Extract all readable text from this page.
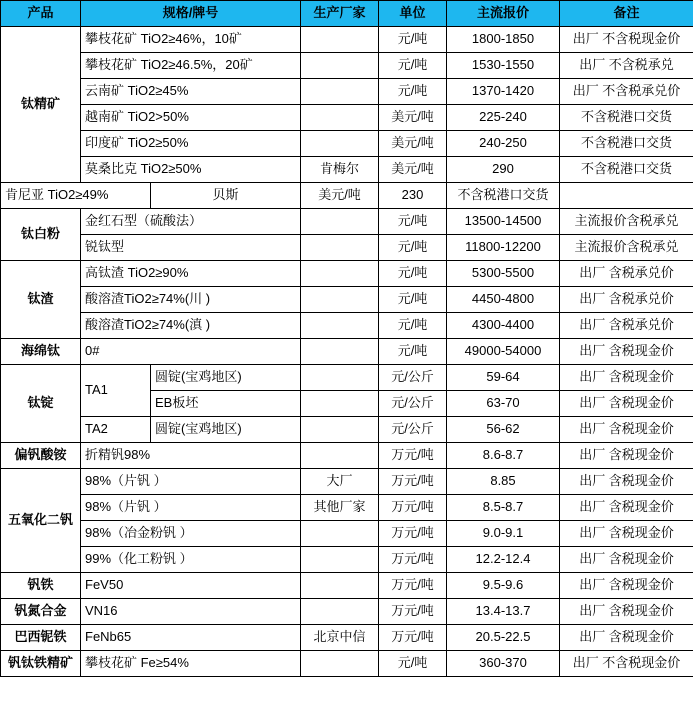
产品	规格/牌号		生产厂家	单位	主流报价	备注
钛精矿	攀枝花矿 TiO2≥46%，10矿			元/吨	1800-1850	出厂 不含税现金价
	攀枝花矿 TiO2≥46.5%，20矿			元/吨	1530-1550	出厂 不含税承兑
	云南矿 TiO2≥45%			元/吨	1370-1420	出厂 不含税承兑价
	越南矿 TiO2>50%			美元/吨	225-240	不含税港口交货
	印度矿 TiO2≥50%			美元/吨	240-250	不含税港口交货
	莫桑比克 TiO2≥50%		肯梅尔	美元/吨	290	不含税港口交货
肯尼亚 TiO2≥49%		贝斯	美元/吨	230	不含税港口交货	
钛白粉	金红石型（硫酸法）			元/吨	13500-14500	主流报价含税承兑
	锐钛型			元/吨	11800-12200	主流报价含税承兑
钛渣	高钛渣 TiO2≥90%			元/吨	5300-5500	出厂 含税承兑价
	酸溶渣TiO2≥74%(川 )			元/吨	4450-4800	出厂 含税承兑价
	酸溶渣TiO2≥74%(滇 )			元/吨	4300-4400	出厂 含税承兑价
海绵钛	0#			元/吨	49000-54000	出厂 含税现金价
钛锭	TA1	圆锭(宝鸡地区)		元/公斤	59-64	出厂 含税现金价
		EB板坯		元/公斤	63-70	出厂 含税现金价
	TA2	圆锭(宝鸡地区)		元/公斤	56-62	出厂 含税现金价
偏钒酸铵	折精钒98%			万元/吨	8.6-8.7	出厂 含税现金价
五氧化二钒	98%（片钒 ）		大厂	万元/吨	8.85	出厂 含税现金价
	98%（片钒 ）		其他厂家	万元/吨	8.5-8.7	出厂 含税现金价
	98%（冶金粉钒 ）			万元/吨	9.0-9.1	出厂 含税现金价
	99%（化工粉钒 ）			万元/吨	12.2-12.4	出厂 含税现金价
钒铁	FeV50			万元/吨	9.5-9.6	出厂 含税现金价
钒氮合金	VN16			万元/吨	13.4-13.7	出厂 含税现金价
巴西铌铁	FeNb65		北京中信	万元/吨	20.5-22.5	出厂 含税现金价
钒钛铁精矿	攀枝花矿 Fe≥54%			元/吨	360-370	出厂 不含税现金价
